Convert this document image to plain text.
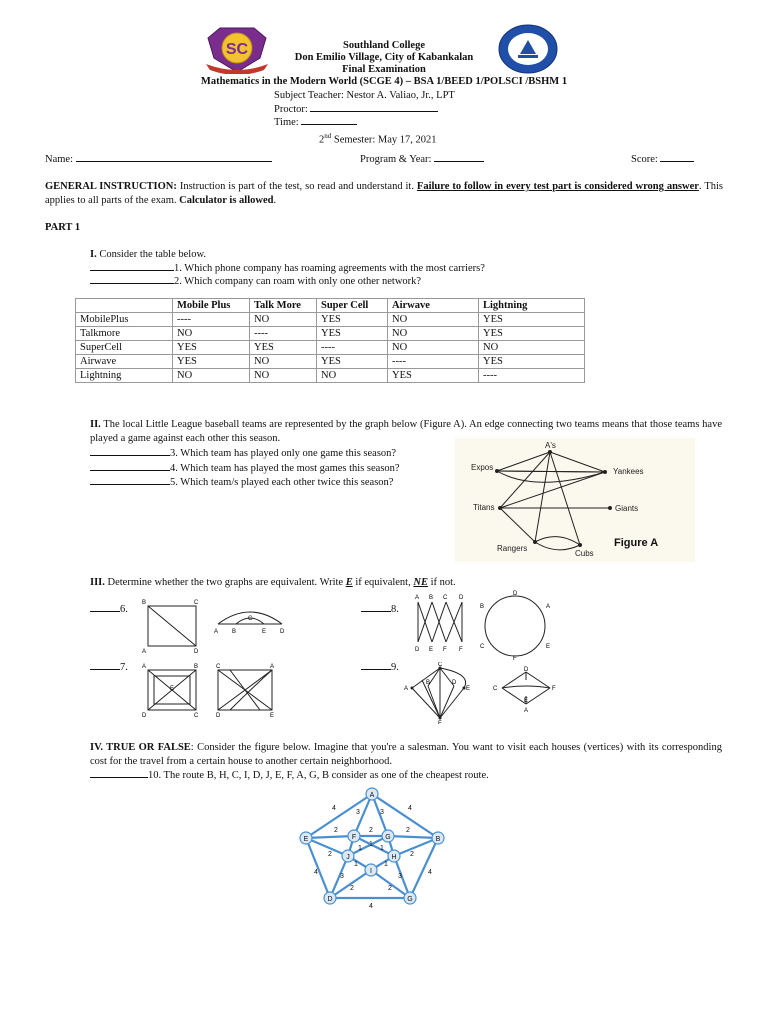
SC	Southland College
Don Emilio Village, City of Kabankalan
Final Examination
Mathematics in the Modern World (SCGE 4) – BSA 1/BEED 1/POLSCI /BSHM 1
Subject Teacher: Nestor A. Valiao, Jr., LPT
Proctor:
Time:
2nd Semester: May 17, 2021
Name:	Program & Year:	Score:
GENERAL INSTRUCTION: Instruction is part of the test, so read and understand it. Failure to follow in every test part is considered wrong answer. This applies to all parts of the exam. Calculator is allowed.
PART 1
I. Consider the table below.
1. Which phone company has roaming agreements with the most carriers?
2. Which company can roam with only one other network?
	Mobile Plus	Talk More	Super Cell	Airwave	Lightning
MobilePlus	----	NO	YES	NO	YES
Talkmore	NO	----	YES	NO	YES
SuperCell	YES	YES	----	NO	NO
Airwave	YES	NO	YES	----	YES
Lightning	NO	NO	NO	YES	----
II. The local Little League baseball teams are represented by the graph below (Figure A). An edge connecting two teams means that those teams have played a game against each other this season.
3. Which team has played only one game this season?
4. Which team has played the most games this season?
5. Which team/s played each other twice this season?
A's
Expos	Yankees
Titans	Giants
Rangers
Cubs
Figure A
III. Determine whether the two graphs are equivalent. Write E if equivalent, NE if not.
6.
7.
8.
9.
B	C
A	D
A B
C
E D
A	B
E
D	C
C	A
D	E
A B C D
D E F F
D
A
B
C	E
F
C
A
B	D
E
F
C
D
F
E
A
IV. TRUE OR FALSE: Consider the figure below. Imagine that you're a salesman. You want to visit each houses (vertices) with its corresponding cost for the travel from a certain house to another certain neighborhood.
10. The route B, H, C, I, D, J, E, F, A, G, B consider as one of the cheapest route.
A
E	B
D	G
F	G
J	H
I
4	4
3	3
2	2
2
2	2
1
1	1
1	1
4	4
3	3
2	2
4
